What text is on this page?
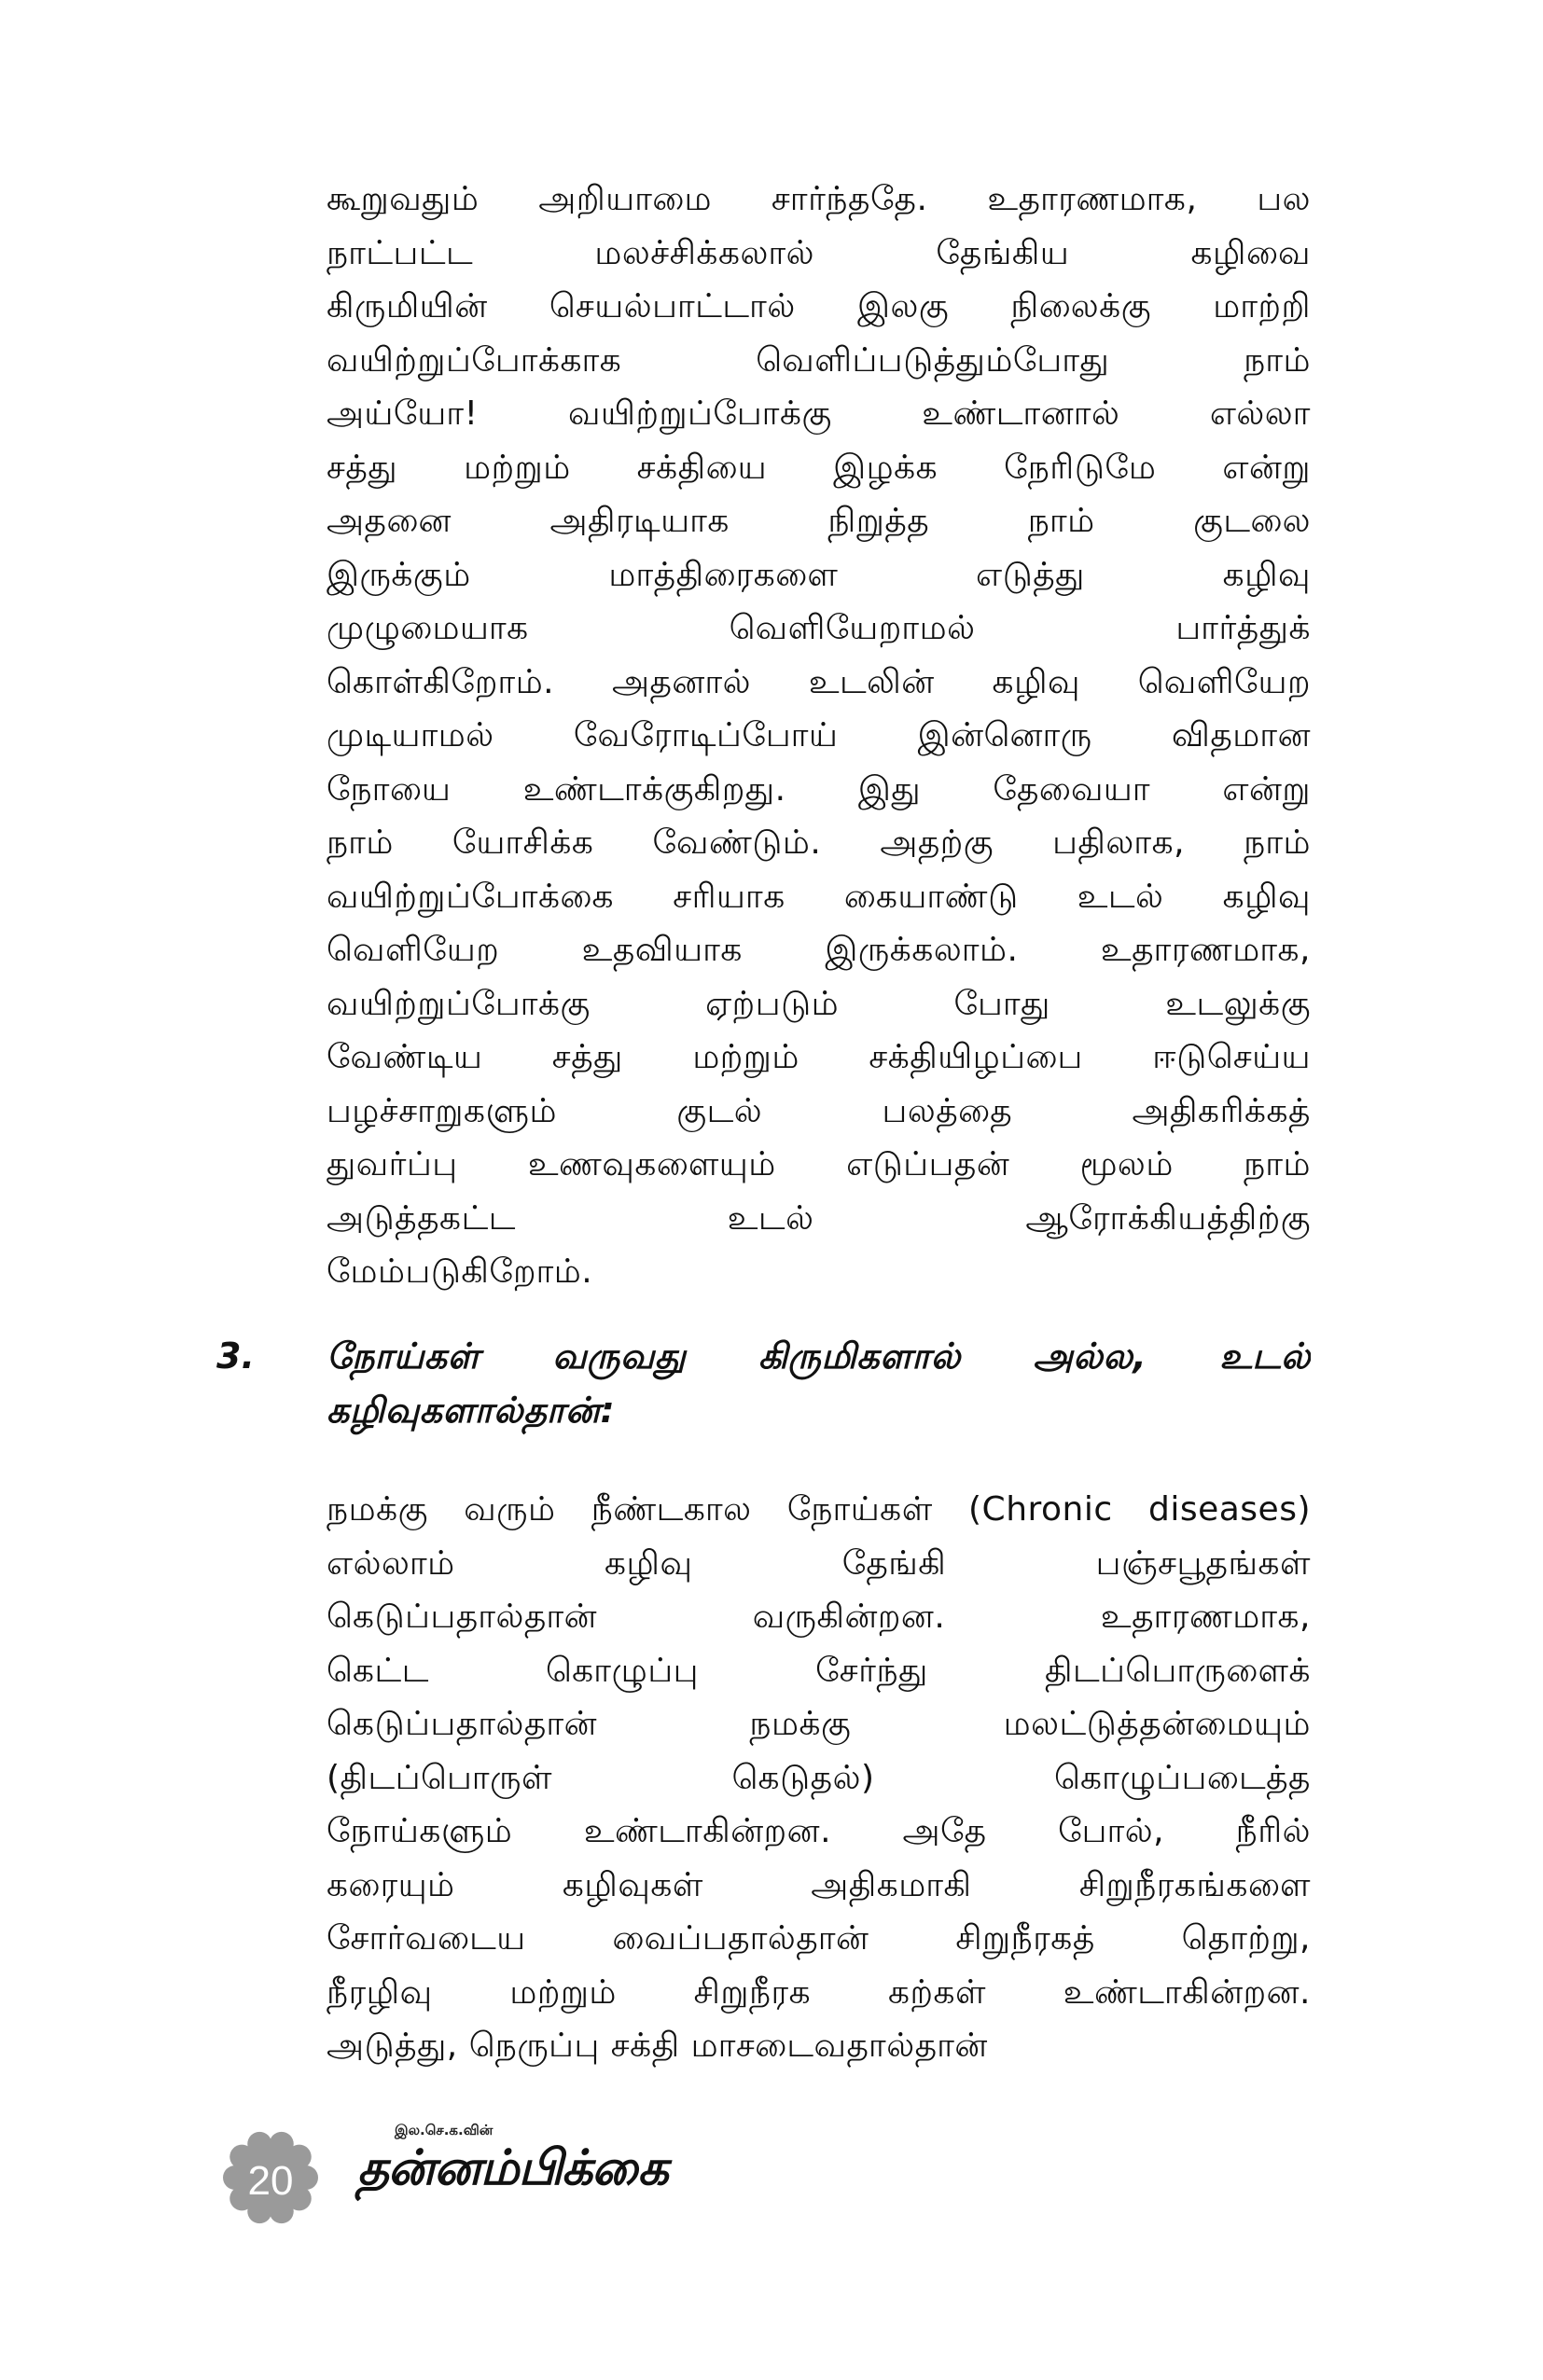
கூறுவதும் அறியாமை சார்ந்ததே. உதாரணமாக, பல
நாட்பட்ட மலச்சிக்கலால் தேங்கிய கழிவை
கிருமியின் செயல்பாட்டால் இலகு நிலைக்கு மாற்றி
வயிற்றுப்போக்காக வெளிப்படுத்தும்போது நாம்
அய்யோ! வயிற்றுப்போக்கு உண்டானால் எல்லா
சத்து மற்றும் சக்தியை இழக்க நேரிடுமே என்று
அதனை அதிரடியாக நிறுத்த நாம் குடலை
இருக்கும் மாத்திரைகளை எடுத்து கழிவு
முழுமையாக வெளியேறாமல் பார்த்துக்
கொள்கிறோம். அதனால் உடலின் கழிவு வெளியேற
முடியாமல் வேரோடிப்போய் இன்னொரு விதமான
நோயை உண்டாக்குகிறது. இது தேவையா என்று
நாம் யோசிக்க வேண்டும். அதற்கு பதிலாக, நாம்
வயிற்றுப்போக்கை சரியாக கையாண்டு உடல் கழிவு
வெளியேற உதவியாக இருக்கலாம். உதாரணமாக,
வயிற்றுப்போக்கு ஏற்படும் போது உடலுக்கு
வேண்டிய சத்து மற்றும் சக்தியிழப்பை ஈடுசெய்ய
பழச்சாறுகளும் குடல் பலத்தை அதிகரிக்கத்
துவர்ப்பு உணவுகளையும் எடுப்பதன் மூலம் நாம்
அடுத்தகட்ட உடல் ஆரோக்கியத்திற்கு
மேம்படுகிறோம்.
3. நோய்கள் வருவது கிருமிகளால் அல்ல, உடல்
கழிவுகளால்தான்:
நமக்கு வரும் நீண்டகால நோய்கள் (Chronic diseases)
எல்லாம் கழிவு தேங்கி பஞ்சபூதங்கள்
கெடுப்பதால்தான் வருகின்றன. உதாரணமாக,
கெட்ட கொழுப்பு சேர்ந்து திடப்பொருளைக்
கெடுப்பதால்தான் நமக்கு மலட்டுத்தன்மையும்
(திடப்பொருள் கெடுதல்) கொழுப்படைத்த
நோய்களும் உண்டாகின்றன. அதே போல், நீரில்
கரையும் கழிவுகள் அதிகமாகி சிறுநீரகங்களை
சோர்வடைய வைப்பதால்தான் சிறுநீரகத் தொற்று,
நீரழிவு மற்றும் சிறுநீரக கற்கள் உண்டாகின்றன.
அடுத்து, நெருப்பு சக்தி மாசடைவதால்தான்
20
இல.செ.க.வின்
தன்னம்பிக்கை
